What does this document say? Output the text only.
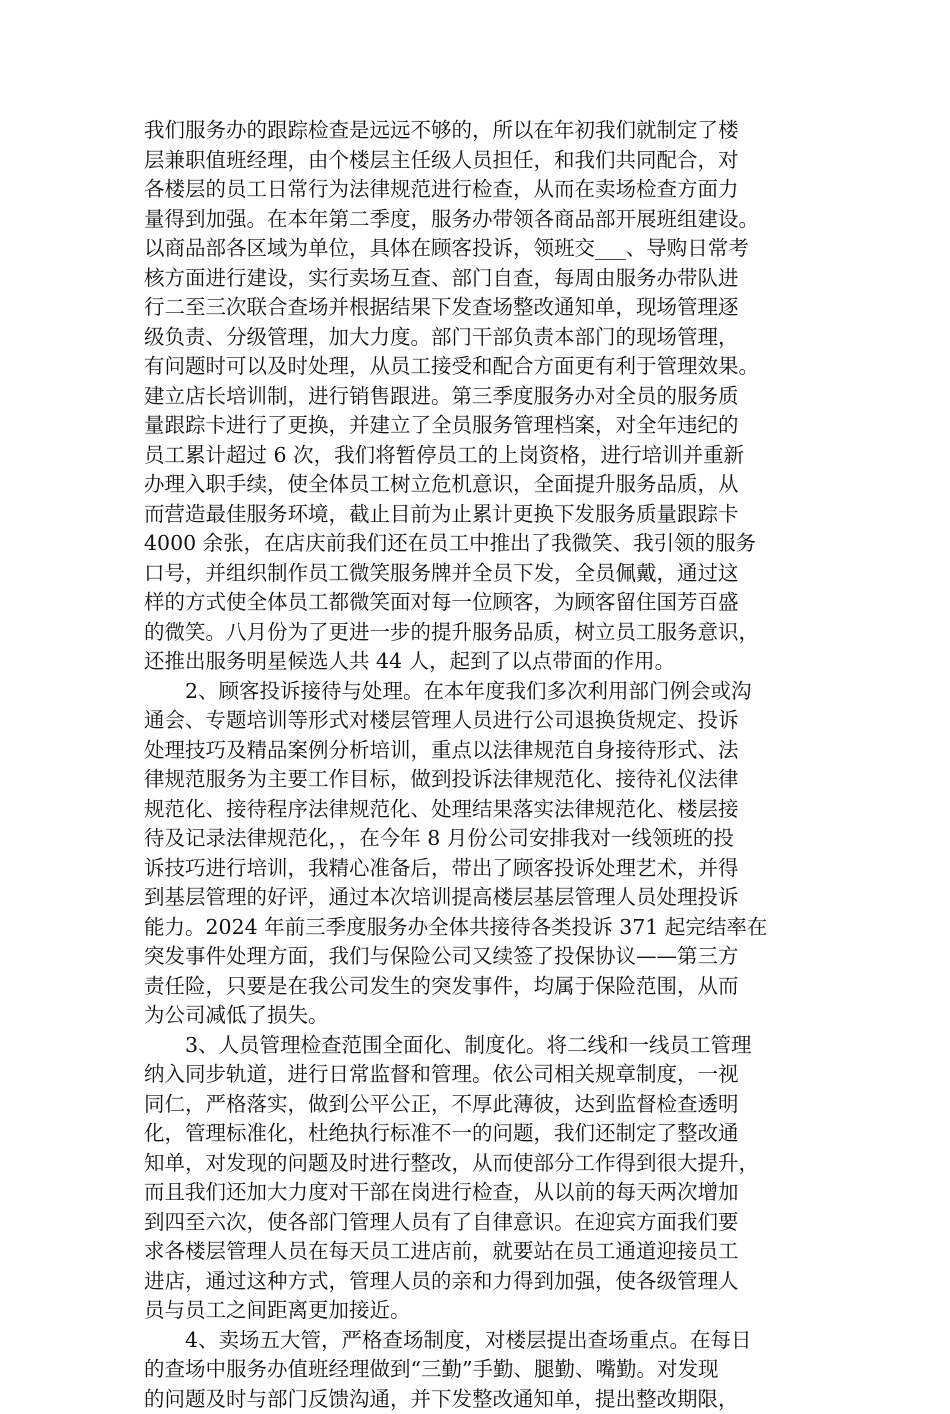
我们服务办的跟踪检查是远远不够的，所以在年初我们就制定了楼
层兼职值班经理，由个楼层主任级人员担任，和我们共同配合，对
各楼层的员工日常行为法律规范进行检查，从而在卖场检查方面力
量得到加强。在本年第二季度，服务办带领各商品部开展班组建设。
以商品部各区域为单位，具体在顾客投诉，领班交___、导购日常考
核方面进行建设，实行卖场互查、部门自查，每周由服务办带队进
行二至三次联合查场并根据结果下发查场整改通知单，现场管理逐
级负责、分级管理，加大力度。部门干部负责本部门的现场管理，
有问题时可以及时处理，从员工接受和配合方面更有利于管理效果。
建立店长培训制，进行销售跟进。第三季度服务办对全员的服务质
量跟踪卡进行了更换，并建立了全员服务管理档案，对全年违纪的
员工累计超过 6 次，我们将暂停员工的上岗资格，进行培训并重新
办理入职手续，使全体员工树立危机意识，全面提升服务品质，从
而营造最佳服务环境，截止目前为止累计更换下发服务质量跟踪卡
4000 余张，在店庆前我们还在员工中推出了我微笑、我引领的服务
口号，并组织制作员工微笑服务牌并全员下发，全员佩戴，通过这
样的方式使全体员工都微笑面对每一位顾客，为顾客留住国芳百盛
的微笑。八月份为了更进一步的提升服务品质，树立员工服务意识，
还推出服务明星候选人共 44 人，起到了以点带面的作用。
2、顾客投诉接待与处理。在本年度我们多次利用部门例会或沟
通会、专题培训等形式对楼层管理人员进行公司退换货规定、投诉
处理技巧及精品案例分析培训，重点以法律规范自身接待形式、法
律规范服务为主要工作目标，做到投诉法律规范化、接待礼仪法律
规范化、接待程序法律规范化、处理结果落实法律规范化、楼层接
待及记录法律规范化，，在今年 8 月份公司安排我对一线领班的投
诉技巧进行培训，我精心准备后，带出了顾客投诉处理艺术，并得
到基层管理的好评，通过本次培训提高楼层基层管理人员处理投诉
能力。2024 年前三季度服务办全体共接待各类投诉 371 起完结率在
突发事件处理方面，我们与保险公司又续签了投保协议——第三方
责任险，只要是在我公司发生的突发事件，均属于保险范围，从而
为公司减低了损失。
3、人员管理检查范围全面化、制度化。将二线和一线员工管理
纳入同步轨道，进行日常监督和管理。依公司相关规章制度，一视
同仁，严格落实，做到公平公正，不厚此薄彼，达到监督检查透明
化，管理标准化，杜绝执行标准不一的问题，我们还制定了整改通
知单，对发现的问题及时进行整改，从而使部分工作得到很大提升，
而且我们还加大力度对干部在岗进行检查，从以前的每天两次增加
到四至六次，使各部门管理人员有了自律意识。在迎宾方面我们要
求各楼层管理人员在每天员工进店前，就要站在员工通道迎接员工
进店，通过这种方式，管理人员的亲和力得到加强，使各级管理人
员与员工之间距离更加接近。
4、卖场五大管，严格查场制度，对楼层提出查场重点。在每日
的查场中服务办值班经理做到“三勤”手勤、腿勤、嘴勤。对发现
的问题及时与部门反馈沟通，并下发整改通知单，提出整改期限，
